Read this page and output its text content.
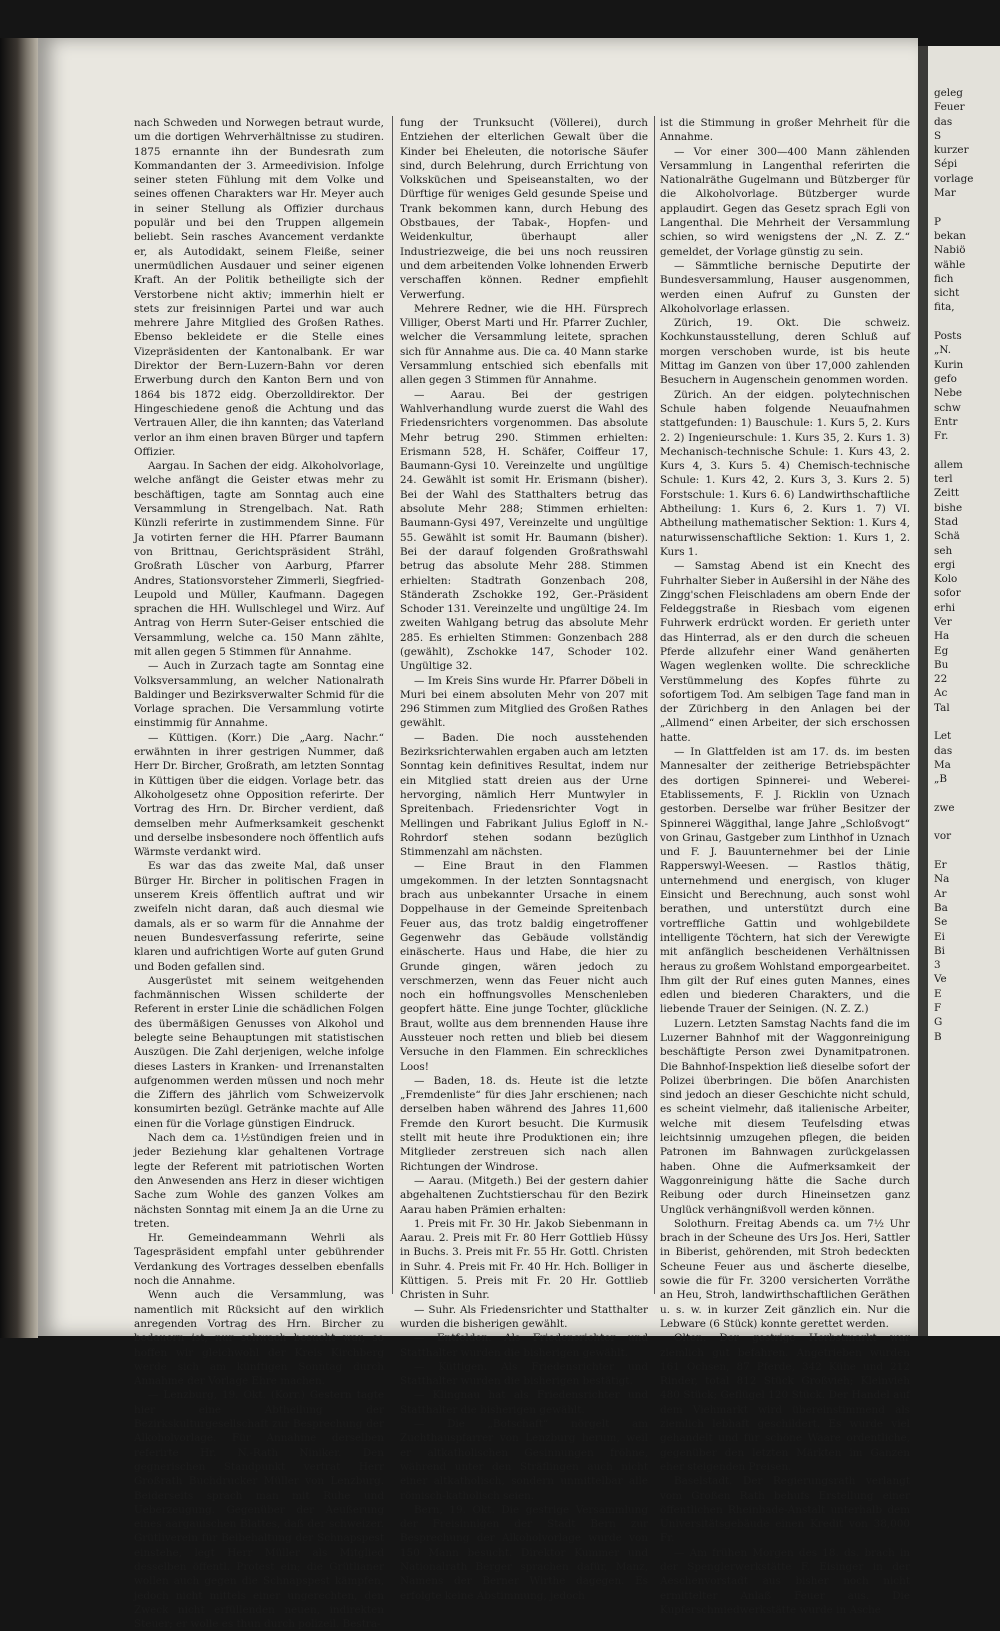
nach Schweden und Norwegen betraut wurde, um die dortigen Wehrverhältnisse zu studiren. 1875 ernannte ihn der Bundesrath zum Kommandanten der 3. Armeedivision. Infolge seiner steten Fühlung mit dem Volke und seines offenen Charakters war Hr. Meyer auch in seiner Stellung als Offizier durchaus populär und bei den Truppen allgemein beliebt. Sein rasches Avancement verdankte er, als Autodidakt, seinem Fleiße, seiner unermüdlichen Ausdauer und seiner eigenen Kraft. An der Politik betheiligte sich der Verstorbene nicht aktiv; immerhin hielt er stets zur freisinnigen Partei und war auch mehrere Jahre Mitglied des Großen Rathes. Ebenso bekleidete er die Stelle eines Vizepräsidenten der Kantonalbank. Er war Direktor der Bern-Luzern-Bahn vor deren Erwerbung durch den Kanton Bern und von 1864 bis 1872 eidg. Oberzolldirektor. Der Hingeschiedene genoß die Achtung und das Vertrauen Aller, die ihn kannten; das Vaterland verlor an ihm einen braven Bürger und tapfern Offizier.

Aargau. In Sachen der eidg. Alkoholvorlage, welche anfängt die Geister etwas mehr zu beschäftigen, tagte am Sonntag auch eine Versammlung in Strengelbach. Nat. Rath Künzli referirte in zustimmendem Sinne. Für Ja votirten ferner die HH. Pfarrer Baumann von Brittnau, Gerichtspräsident Strähl, Großrath Lüscher von Aarburg, Pfarrer Andres, Stationsvorsteher Zimmerli, Siegfried-Leupold und Müller, Kaufmann. Dagegen sprachen die HH. Wullschlegel und Wirz. Auf Antrag von Herrn Suter-Geiser entschied die Versammlung, welche ca. 150 Mann zählte, mit allen gegen 5 Stimmen für Annahme.

— Auch in Zurzach tagte am Sonntag eine Volksversammlung, an welcher Nationalrath Baldinger und Bezirksverwalter Schmid für die Vorlage sprachen. Die Versammlung votirte einstimmig für Annahme.

— Küttigen. (Korr.) Die „Aarg. Nachr.“ erwähnten in ihrer gestrigen Nummer, daß Herr Dr. Bircher, Großrath, am letzten Sonntag in Küttigen über die eidgen. Vorlage betr. das Alkoholgesetz ohne Opposition referirte. Der Vortrag des Hrn. Dr. Bircher verdient, daß demselben mehr Aufmerksamkeit geschenkt und derselbe insbesondere noch öffentlich aufs Wärmste verdankt wird.

Es war das das zweite Mal, daß unser Bürger Hr. Bircher in politischen Fragen in unserem Kreis öffentlich auftrat und wir zweifeln nicht daran, daß auch diesmal wie damals, als er so warm für die Annahme der neuen Bundesverfassung referirte, seine klaren und aufrichtigen Worte auf guten Grund und Boden gefallen sind.

Ausgerüstet mit seinem weitgehenden fachmännischen Wissen schilderte der Referent in erster Linie die schädlichen Folgen des übermäßigen Genusses von Alkohol und belegte seine Behauptungen mit statistischen Auszügen. Die Zahl derjenigen, welche infolge dieses Lasters in Kranken- und Irrenanstalten aufgenommen werden müssen und noch mehr die Ziffern des jährlich vom Schweizervolk konsumirten bezügl. Getränke machte auf Alle einen für die Vorlage günstigen Eindruck.

Nach dem ca. 1½stündigen freien und in jeder Beziehung klar gehaltenen Vortrage legte der Referent mit patriotischen Worten den Anwesenden ans Herz in dieser wichtigen Sache zum Wohle des ganzen Volkes am nächsten Sonntag mit einem Ja an die Urne zu treten.

Hr. Gemeindeammann Wehrli als Tagespräsident empfahl unter gebührender Verdankung des Vortrages desselben ebenfalls noch die Annahme.

Wenn auch die Versammlung, was namentlich mit Rücksicht auf den wirklich anregenden Vortrag des Hrn. Bircher zu bedauern ist, nur schwach besucht war, so hoffen wir gleichwohl der Kreis Kirchberg werde sich am künftigen Sonntag durch Annahme der Vorlage Ehre machen.

— Lenzburg, 19. Okt. (Korr.) Gestern tagte hier eine Abtheilung der Bezirkskulturgesellschaft zur Besprechung der Alkoholvorlage. Für Annahme derselben referirte Hr. N.-Rath Niniker. Den gegnerischen Standpunkt vertrat Herr Großrath Buchdrucker Müller von Lenzburg. Beiderseits sprach man mit Ruhe und Ueberzeugung. Gegenüber der Aeußerung eines aargauischen Blattes, daß der schweizer. Grütliverein für Beibehaltung der Schnapspest einstehe, legt Herr Müller als Mitglied desselben öffentl. Protest ein; die Grütlianer wollen auch gegen die Schnapspest kämpfen, jedoch nicht mittels einer ungerechten, den Zweck nicht erfüllenden neuen, indirekten Steuer; er wolle es thun durch polizeil. Bestra-

fung der Trunksucht (Völlerei), durch Entziehen der elterlichen Gewalt über die Kinder bei Eheleuten, die notorische Säufer sind, durch Belehrung, durch Errichtung von Volksküchen und Speiseanstalten, wo der Dürftige für weniges Geld gesunde Speise und Trank bekommen kann, durch Hebung des Obstbaues, der Tabak-, Hopfen- und Weidenkultur, überhaupt aller Industriezweige, die bei uns noch reussiren und dem arbeitenden Volke lohnenden Erwerb verschaffen können. Redner empfiehlt Verwerfung.

Mehrere Redner, wie die HH. Fürsprech Villiger, Oberst Marti und Hr. Pfarrer Zuchler, welcher die Versammlung leitete, sprachen sich für Annahme aus. Die ca. 40 Mann starke Versammlung entschied sich ebenfalls mit allen gegen 3 Stimmen für Annahme.

— Aarau. Bei der gestrigen Wahlverhandlung wurde zuerst die Wahl des Friedensrichters vorgenommen. Das absolute Mehr betrug 290. Stimmen erhielten: Erismann 528, H. Schäfer, Coiffeur 17, Baumann-Gysi 10. Vereinzelte und ungültige 24. Gewählt ist somit Hr. Erismann (bisher). Bei der Wahl des Statthalters betrug das absolute Mehr 288; Stimmen erhielten: Baumann-Gysi 497, Vereinzelte und ungültige 55. Gewählt ist somit Hr. Baumann (bisher). Bei der darauf folgenden Großrathswahl betrug das absolute Mehr 288. Stimmen erhielten: Stadtrath Gonzenbach 208, Ständerath Zschokke 192, Ger.-Präsident Schoder 131. Vereinzelte und ungültige 24. Im zweiten Wahlgang betrug das absolute Mehr 285. Es erhielten Stimmen: Gonzenbach 288 (gewählt), Zschokke 147, Schoder 102. Ungültige 32.

— Im Kreis Sins wurde Hr. Pfarrer Döbeli in Muri bei einem absoluten Mehr von 207 mit 296 Stimmen zum Mitglied des Großen Rathes gewählt.

— Baden. Die noch ausstehenden Bezirksrichterwahlen ergaben auch am letzten Sonntag kein definitives Resultat, indem nur ein Mitglied statt dreien aus der Urne hervorging, nämlich Herr Muntwyler in Spreitenbach. Friedensrichter Vogt in Mellingen und Fabrikant Julius Egloff in N.-Rohrdorf stehen sodann bezüglich Stimmenzahl am nächsten.

— Eine Braut in den Flammen umgekommen. In der letzten Sonntagsnacht brach aus unbekannter Ursache in einem Doppelhause in der Gemeinde Spreitenbach Feuer aus, das trotz baldig eingetroffener Gegenwehr das Gebäude vollständig einäscherte. Haus und Habe, die hier zu Grunde gingen, wären jedoch zu verschmerzen, wenn das Feuer nicht auch noch ein hoffnungsvolles Menschenleben geopfert hätte. Eine junge Tochter, glückliche Braut, wollte aus dem brennenden Hause ihre Aussteuer noch retten und blieb bei diesem Versuche in den Flammen. Ein schreckliches Loos!

— Baden, 18. ds. Heute ist die letzte „Fremdenliste“ für dies Jahr erschienen; nach derselben haben während des Jahres 11,600 Fremde den Kurort besucht. Die Kurmusik stellt mit heute ihre Produktionen ein; ihre Mitglieder zerstreuen sich nach allen Richtungen der Windrose.

— Aarau. (Mitgeth.) Bei der gestern dahier abgehaltenen Zuchtstierschau für den Bezirk Aarau haben Prämien erhalten:

1. Preis mit Fr. 30 Hr. Jakob Siebenmann in Aarau. 2. Preis mit Fr. 80 Herr Gottlieb Hüssy in Buchs. 3. Preis mit Fr. 55 Hr. Gottl. Christen in Suhr. 4. Preis mit Fr. 40 Hr. Hch. Bolliger in Küttigen. 5. Preis mit Fr. 20 Hr. Gottlieb Christen in Suhr.

— Suhr. Als Friedensrichter und Statthalter wurden die bisherigen gewählt.

— Entfelden. Als Friedensrichter und Statthalter wurden die bisherigen gewählt.

— Küttigen. Als Friedensrichter und Statthalter wurden die bisherigen bestätigt.

— Klingnau hat als Friedensrichter und Statthalter die bisherigen gewählt.

— Die „Botschaft“ nörgelt am Zuchthauspfarrer von Lenzburg herum, weil er altkatholischen Gesinnungen fröhne, während unter den Sträflingen auch nicht einer altkatholisch, sondern unmittelbar alle römisch-katholisch seien.

Bern, 19. Okt. Die gestrige Versammlung der Freisinnigen der Stadt Bern zur Besprechung der Alkoholvorlage wurde von 150 Mann besucht. Direktor Kummer und Nationalrath Berger sprachen dafür, Manz, Namens der Berner Wirthe dagegen. Es erfolgte keine Abstimmung, jedoch

ist die Stimmung in großer Mehrheit für die Annahme.

— Vor einer 300—400 Mann zählenden Versammlung in Langenthal referirten die Nationalräthe Gugelmann und Bützberger für die Alkoholvorlage. Bützberger wurde applaudirt. Gegen das Gesetz sprach Egli von Langenthal. Die Mehrheit der Versammlung schien, so wird wenigstens der „N. Z. Z.“ gemeldet, der Vorlage günstig zu sein.

— Sämmtliche bernische Deputirte der Bundesversammlung, Hauser ausgenommen, werden einen Aufruf zu Gunsten der Alkoholvorlage erlassen.

Zürich, 19. Okt. Die schweiz. Kochkunstausstellung, deren Schluß auf morgen verschoben wurde, ist bis heute Mittag im Ganzen von über 17,000 zahlenden Besuchern in Augenschein genommen worden.

Zürich. An der eidgen. polytechnischen Schule haben folgende Neuaufnahmen stattgefunden: 1) Bauschule: 1. Kurs 5, 2. Kurs 2. 2) Ingenieurschule: 1. Kurs 35, 2. Kurs 1. 3) Mechanisch-technische Schule: 1. Kurs 43, 2. Kurs 4, 3. Kurs 5. 4) Chemisch-technische Schule: 1. Kurs 42, 2. Kurs 3, 3. Kurs 2. 5) Forstschule: 1. Kurs 6. 6) Landwirthschaftliche Abtheilung: 1. Kurs 6, 2. Kurs 1. 7) VI. Abtheilung mathematischer Sektion: 1. Kurs 4, naturwissenschaftliche Sektion: 1. Kurs 1, 2. Kurs 1.

— Samstag Abend ist ein Knecht des Fuhrhalter Sieber in Außersihl in der Nähe des Zingg'schen Fleischladens am obern Ende der Feldeggstraße in Riesbach vom eigenen Fuhrwerk erdrückt worden. Er gerieth unter das Hinterrad, als er den durch die scheuen Pferde allzufehr einer Wand genäherten Wagen weglenken wollte. Die schreckliche Verstümmelung des Kopfes führte zu sofortigem Tod. Am selbigen Tage fand man in der Zürichberg in den Anlagen bei der „Allmend“ einen Arbeiter, der sich erschossen hatte.

— In Glattfelden ist am 17. ds. im besten Mannesalter der zeitherige Betriebspächter des dortigen Spinnerei- und Weberei-Etablissements, F. J. Ricklin von Uznach gestorben. Derselbe war früher Besitzer der Spinnerei Wäggithal, lange Jahre „Schloßvogt“ von Grinau, Gastgeber zum Linthhof in Uznach und F. J. Bauunternehmer bei der Linie Rapperswyl-Weesen. — Rastlos thätig, unternehmend und energisch, von kluger Einsicht und Berechnung, auch sonst wohl berathen, und unterstützt durch eine vortreffliche Gattin und wohlgebildete intelligente Töchtern, hat sich der Verewigte mit anfänglich bescheidenen Verhältnissen heraus zu großem Wohlstand emporgearbeitet. Ihm gilt der Ruf eines guten Mannes, eines edlen und biederen Charakters, und die liebende Trauer der Seinigen. (N. Z. Z.)

Luzern. Letzten Samstag Nachts fand die im Luzerner Bahnhof mit der Waggonreinigung beschäftigte Person zwei Dynamitpatronen. Die Bahnhof-Inspektion ließ dieselbe sofort der Polizei überbringen. Die böſen Anarchisten sind jedoch an dieser Geschichte nicht schuld, es scheint vielmehr, daß italienische Arbeiter, welche mit diesem Teufelsding etwas leichtsinnig umzugehen pflegen, die beiden Patronen im Bahnwagen zurückgelassen haben. Ohne die Aufmerksamkeit der Waggonreinigung hätte die Sache durch Reibung oder durch Hineinsetzen ganz Unglück verhängnißvoll werden können.

Solothurn. Freitag Abends ca. um 7½ Uhr brach in der Scheune des Urs Jos. Heri, Sattler in Biberist, gehörenden, mit Stroh bedeckten Scheune Feuer aus und äscherte dieselbe, sowie die für Fr. 3200 versicherten Vorräthe an Heu, Stroh, landwirthschaftlichen Geräthen u. s. w. in kurzer Zeit gänzlich ein. Nur die Lebware (6 Stück) konnte gerettet werden.

Olten. Der gestrige Herbstmarkt war ziemlich gut befahren. Angetrieben wurden 161 Ochsen, 87 Pferde, 342 Kühe und 212 Rinder, total 812 Stück Großvieh; Kleinvieh 480 Stück; Geflügel 120 Stück. Der Handel auf dem Viehmarkt wird übereinstimmend als ziemlich lebhaft geschildert. Es wurde viel gehandelt und für schöne Waare ordentliche, gegenüber den letzten Märkten im Ganzen eher steigenden Preisen.

Baselstadt. Der Regierungsrath verlangt vom Großen Rath behufs Erstellung einer öffentlichen Rheinbade-Anstalt unterhalb dem Universitätsgebäude einen Kredit von 38,000 Fr.

— Am frühen Morgen des 18. ds. brach in der Spenglerwerkstätte F. Eisinger in der Aeschenvorstadt aus bisher noch nicht ermittelter Anlaß Feuer aus. Die Kupferschmiedwerkstätte wurde in Asche

geleg
Feuer
das
S
kurzer
Sépi
vorlage
Mar
P
bekan
Nabiö
wähle
fich
sicht
fita,
Posts
„N.
Kurin
gefo
Nebe
schw
Entr
Fr.
allem
terl
Zeitt
bishe
Stad
Schä
seh
ergi
Kolo
sofor
erhi
Ver
Ha
Eg
Bu
22
Ac
Tal
Let
das
Ma
„B
zwe
vor
Er
Na
Ar
Ba
Se
Ei
Bi
3
Ve
E
F
G
B
